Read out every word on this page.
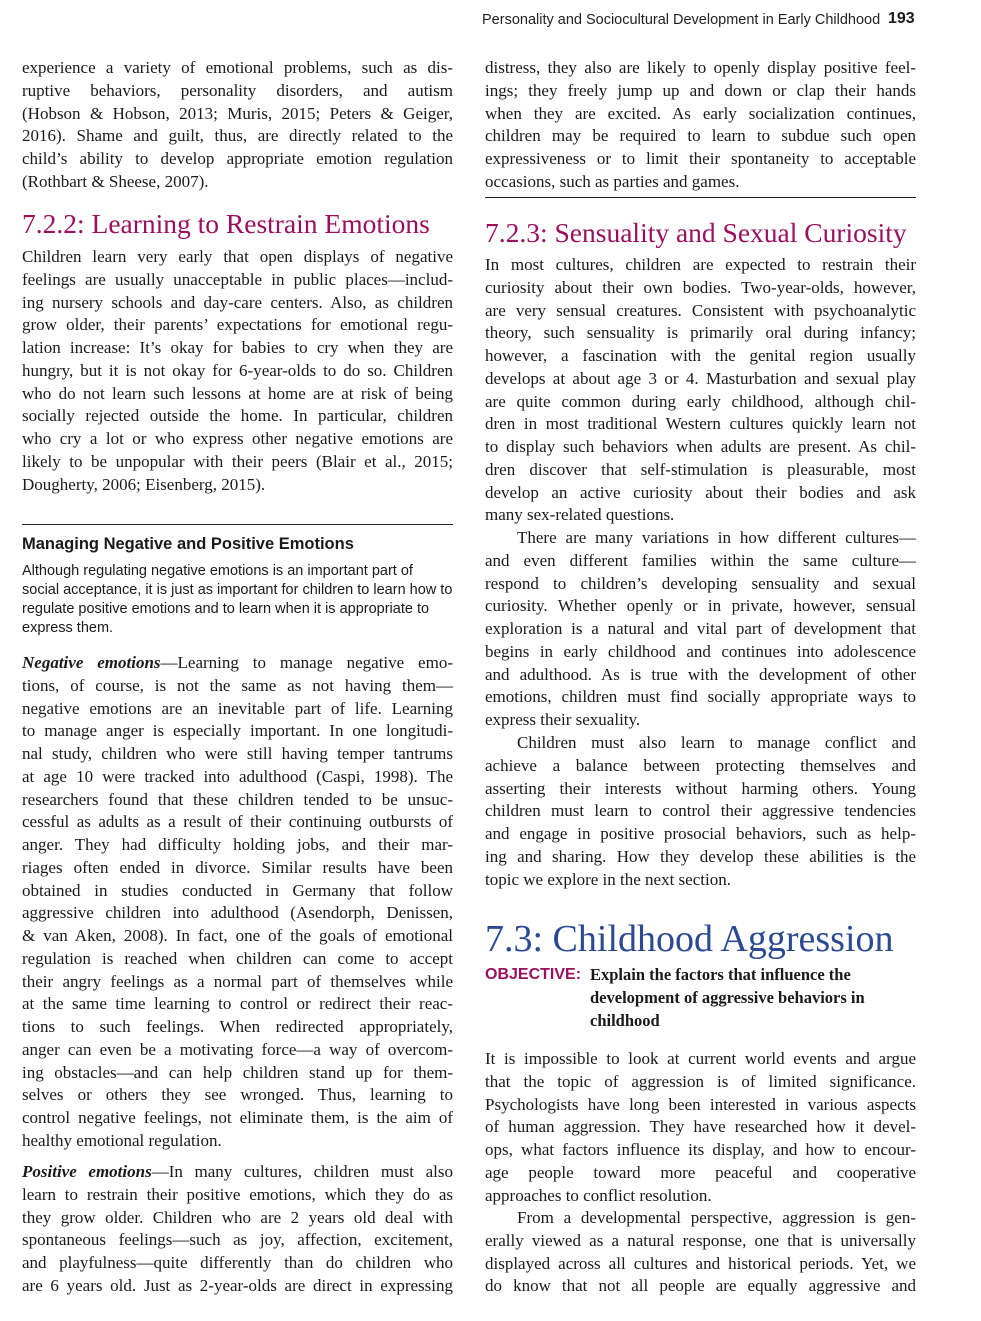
Personality and Sociocultural Development in Early Childhood 193
experience a variety of emotional problems, such as dis-
ruptive behaviors, personality disorders, and autism
(Hobson & Hobson, 2013; Muris, 2015; Peters & Geiger,
2016). Shame and guilt, thus, are directly related to the
child’s ability to develop appropriate emotion regulation
(Rothbart & Sheese, 2007).
7.2.2: Learning to Restrain Emotions
Children learn very early that open displays of negative
feelings are usually unacceptable in public places—includ-
ing nursery schools and day-care centers. Also, as children
grow older, their parents’ expectations for emotional regu-
lation increase: It’s okay for babies to cry when they are
hungry, but it is not okay for 6-year-olds to do so. Children
who do not learn such lessons at home are at risk of being
socially rejected outside the home. In particular, children
who cry a lot or who express other negative emotions are
likely to be unpopular with their peers (Blair et al., 2015;
Dougherty, 2006; Eisenberg, 2015).
Managing Negative and Positive Emotions
Although regulating negative emotions is an important part of social acceptance, it is just as important for children to learn how to regulate positive emotions and to learn when it is appropriate to express them.
Negative emotions—Learning to manage negative emo-
tions, of course, is not the same as not having them—
negative emotions are an inevitable part of life. Learning
to manage anger is especially important. In one longitudi-
nal study, children who were still having temper tantrums
at age 10 were tracked into adulthood (Caspi, 1998). The
researchers found that these children tended to be unsuc-
cessful as adults as a result of their continuing outbursts of
anger. They had difficulty holding jobs, and their mar-
riages often ended in divorce. Similar results have been
obtained in studies conducted in Germany that follow
aggressive children into adulthood (Asendorph, Denissen,
& van Aken, 2008). In fact, one of the goals of emotional
regulation is reached when children can come to accept
their angry feelings as a normal part of themselves while
at the same time learning to control or redirect their reac-
tions to such feelings. When redirected appropriately,
anger can even be a motivating force—a way of overcom-
ing obstacles—and can help children stand up for them-
selves or others they see wronged. Thus, learning to
control negative feelings, not eliminate them, is the aim of
healthy emotional regulation.
Positive emotions—In many cultures, children must also
learn to restrain their positive emotions, which they do as
they grow older. Children who are 2 years old deal with
spontaneous feelings—such as joy, affection, excitement,
and playfulness—quite differently than do children who
are 6 years old. Just as 2-year-olds are direct in expressing
distress, they also are likely to openly display positive feel-
ings; they freely jump up and down or clap their hands
when they are excited. As early socialization continues,
children may be required to learn to subdue such open
expressiveness or to limit their spontaneity to acceptable
occasions, such as parties and games.
7.2.3: Sensuality and Sexual Curiosity
In most cultures, children are expected to restrain their
curiosity about their own bodies. Two-year-olds, however,
are very sensual creatures. Consistent with psychoanalytic
theory, such sensuality is primarily oral during infancy;
however, a fascination with the genital region usually
develops at about age 3 or 4. Masturbation and sexual play
are quite common during early childhood, although chil-
dren in most traditional Western cultures quickly learn not
to display such behaviors when adults are present. As chil-
dren discover that self-stimulation is pleasurable, most
develop an active curiosity about their bodies and ask
many sex-related questions.
There are many variations in how different cultures—
and even different families within the same culture—
respond to children’s developing sensuality and sexual
curiosity. Whether openly or in private, however, sensual
exploration is a natural and vital part of development that
begins in early childhood and continues into adolescence
and adulthood. As is true with the development of other
emotions, children must find socially appropriate ways to
express their sexuality.
Children must also learn to manage conflict and
achieve a balance between protecting themselves and
asserting their interests without harming others. Young
children must learn to control their aggressive tendencies
and engage in positive prosocial behaviors, such as help-
ing and sharing. How they develop these abilities is the
topic we explore in the next section.
7.3: Childhood Aggression
OBJECTIVE: Explain the factors that influence the development of aggressive behaviors in childhood
It is impossible to look at current world events and argue
that the topic of aggression is of limited significance.
Psychologists have long been interested in various aspects
of human aggression. They have researched how it devel-
ops, what factors influence its display, and how to encour-
age people toward more peaceful and cooperative
approaches to conflict resolution.
From a developmental perspective, aggression is gen-
erally viewed as a natural response, one that is universally
displayed across all cultures and historical periods. Yet, we
do know that not all people are equally aggressive and
